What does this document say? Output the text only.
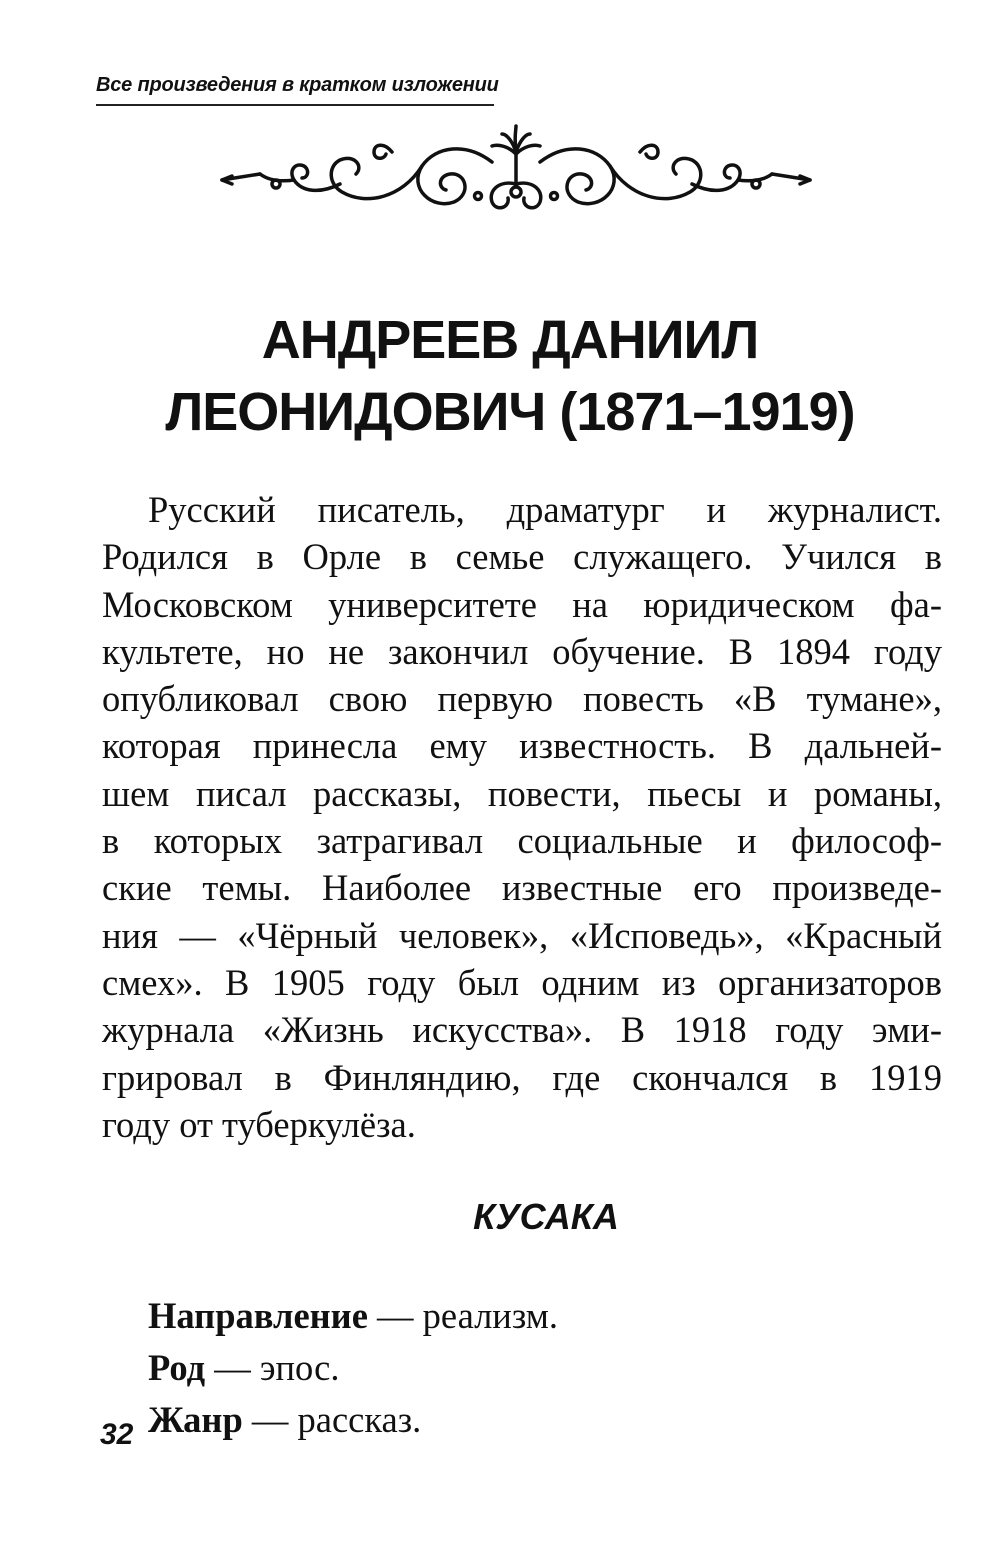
Все произведения в кратком изложении
АНДРЕЕВ ДАНИИЛ
ЛЕОНИДОВИЧ (1871–1919)
Русский писатель, драматург и журналист.
Родился в Орле в семье служащего. Учился в
Московском университете на юридическом фа-
культете, но не закончил обучение. В 1894 году
опубликовал свою первую повесть «В тумане»,
которая принесла ему известность. В дальней-
шем писал рассказы, повести, пьесы и романы,
в которых затрагивал социальные и философ-
ские темы. Наиболее известные его произведе-
ния — «Чёрный человек», «Исповедь», «Красный
смех». В 1905 году был одним из организаторов
журнала «Жизнь искусства». В 1918 году эми-
грировал в Финляндию, где скончался в 1919
году от туберкулёза.
КУСАКА
Направление — реализм.
Род — эпос.
Жанр — рассказ.
32
